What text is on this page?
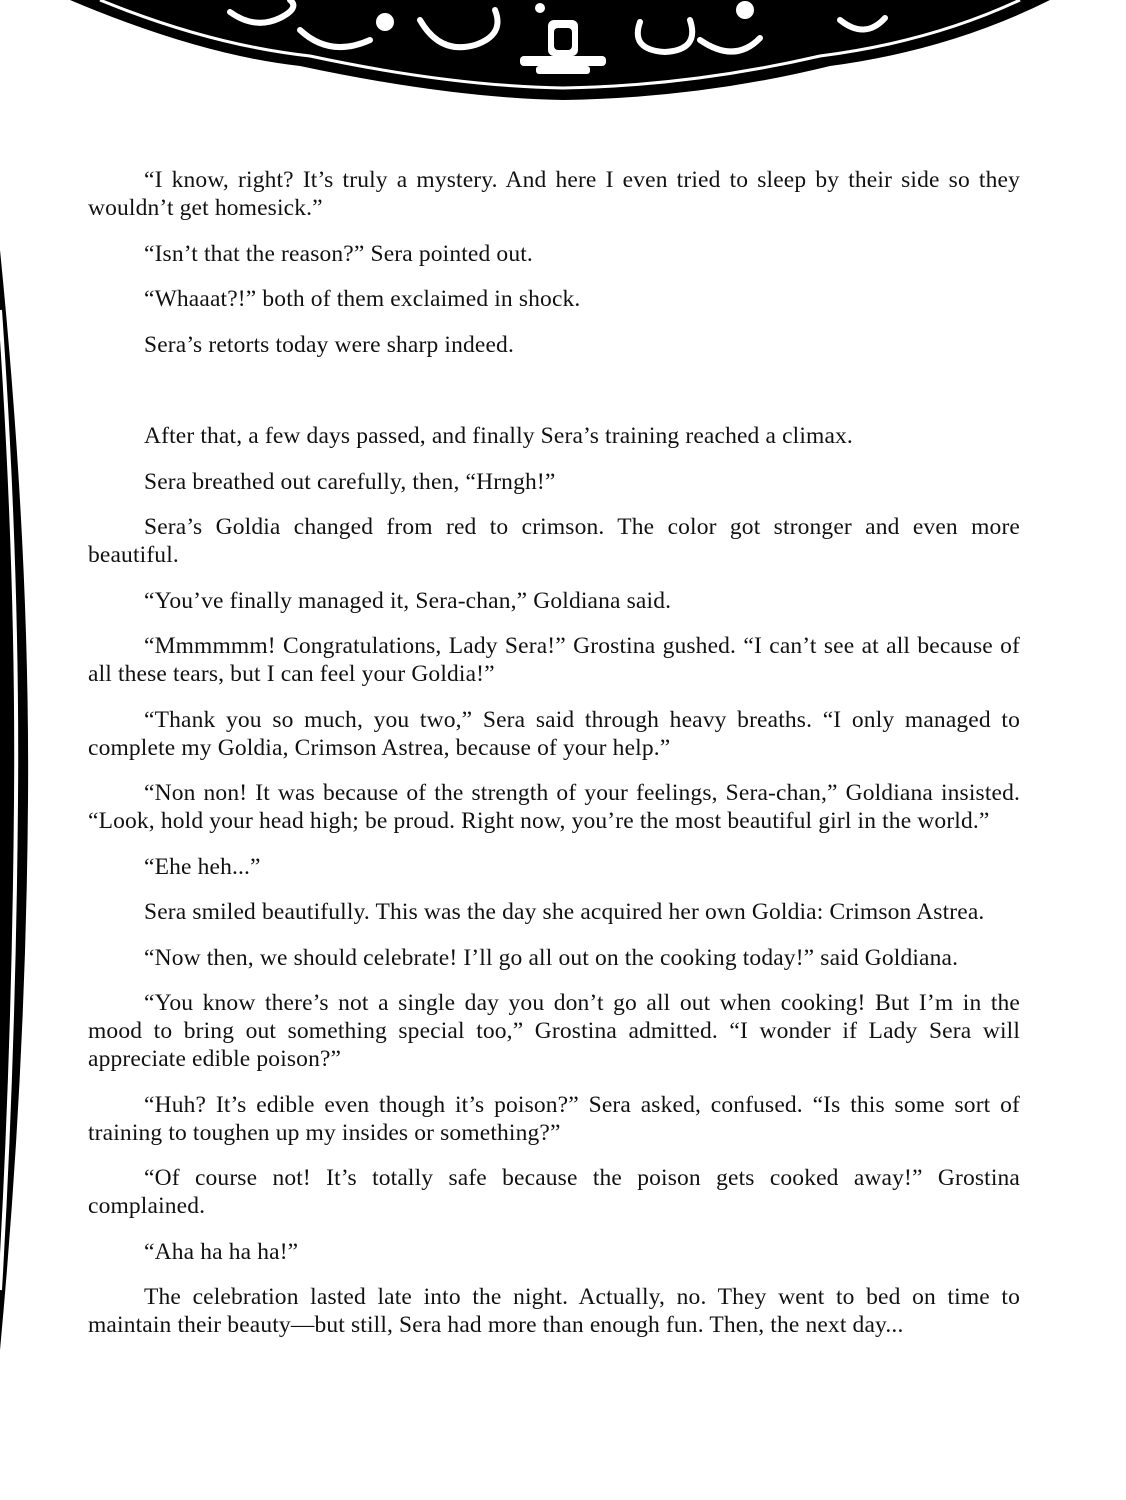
“I know, right? It’s truly a mystery. And here I even tried to sleep by their side so they wouldn’t get homesick.”

“Isn’t that the reason?” Sera pointed out.

“Whaaat?!” both of them exclaimed in shock.

Sera’s retorts today were sharp indeed.

After that, a few days passed, and finally Sera’s training reached a climax.

Sera breathed out carefully, then, “Hrngh!”

Sera’s Goldia changed from red to crimson. The color got stronger and even more beautiful.

“You’ve finally managed it, Sera-chan,” Goldiana said.

“Mmmmmm! Congratulations, Lady Sera!” Grostina gushed. “I can’t see at all because of all these tears, but I can feel your Goldia!”

“Thank you so much, you two,” Sera said through heavy breaths. “I only managed to complete my Goldia, Crimson Astrea, because of your help.”

“Non non! It was because of the strength of your feelings, Sera-chan,” Goldiana insisted. “Look, hold your head high; be proud. Right now, you’re the most beautiful girl in the world.”

“Ehe heh...”

Sera smiled beautifully. This was the day she acquired her own Goldia: Crimson Astrea.

“Now then, we should celebrate! I’ll go all out on the cooking today!” said Goldiana.

“You know there’s not a single day you don’t go all out when cooking! But I’m in the mood to bring out something special too,” Grostina admitted. “I wonder if Lady Sera will appreciate edible poison?”

“Huh? It’s edible even though it’s poison?” Sera asked, confused. “Is this some sort of training to toughen up my insides or something?”

“Of course not! It’s totally safe because the poison gets cooked away!” Grostina complained.

“Aha ha ha ha!”

The celebration lasted late into the night. Actually, no. They went to bed on time to maintain their beauty—but still, Sera had more than enough fun. Then, the next day...
